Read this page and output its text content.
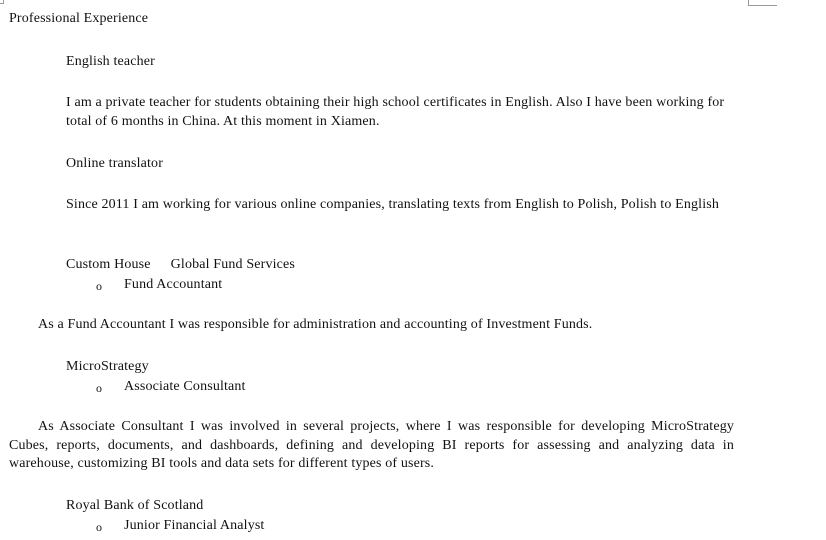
Professional Experience
English teacher
I am a private teacher for students obtaining their high school certificates in English. Also I have been working for total of 6 months in China. At this moment in Xiamen.
Online translator
Since 2011 I am working for various online companies, translating texts from English to Polish, Polish to English
Custom House Global Fund Services
o Fund Accountant
As a Fund Accountant I was responsible for administration and accounting of Investment Funds.
MicroStrategy
o Associate Consultant
As Associate Consultant I was involved in several projects, where I was responsible for developing MicroStrategy Cubes, reports, documents, and dashboards, defining and developing BI reports for assessing and analyzing data in warehouse, customizing BI tools and data sets for different types of users.
Royal Bank of Scotland
o Junior Financial Analyst
